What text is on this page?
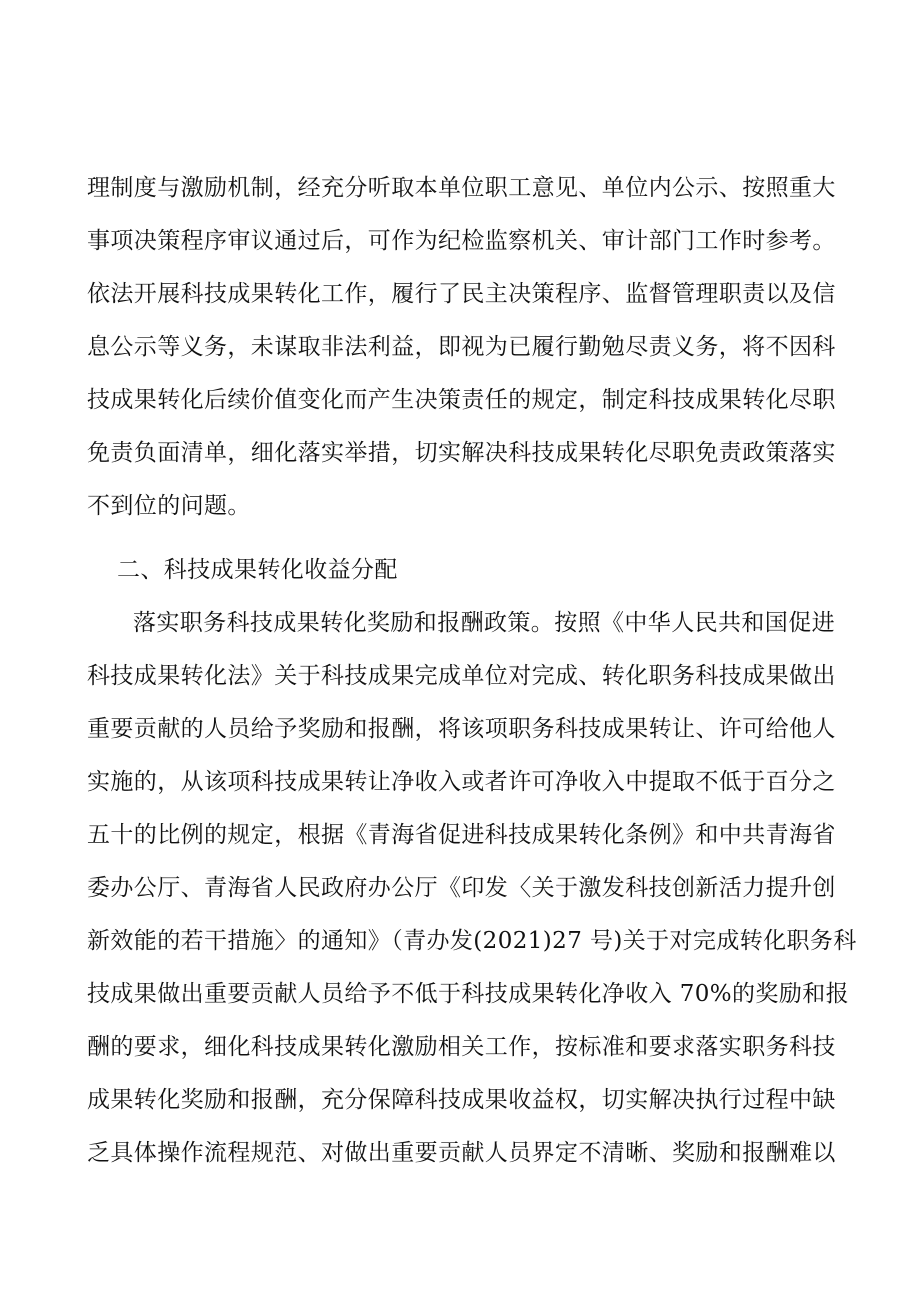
理制度与激励机制，经充分听取本单位职工意见、单位内公示、按照重大
事项决策程序审议通过后，可作为纪检监察机关、审计部门工作时参考。
依法开展科技成果转化工作，履行了民主决策程序、监督管理职责以及信
息公示等义务，未谋取非法利益，即视为已履行勤勉尽责义务，将不因科
技成果转化后续价值变化而产生决策责任的规定，制定科技成果转化尽职
免责负面清单，细化落实举措，切实解决科技成果转化尽职免责政策落实
不到位的问题。
二、科技成果转化收益分配
落实职务科技成果转化奖励和报酬政策。按照《中华人民共和国促进
科技成果转化法》关于科技成果完成单位对完成、转化职务科技成果做出
重要贡献的人员给予奖励和报酬，将该项职务科技成果转让、许可给他人
实施的，从该项科技成果转让净收入或者许可净收入中提取不低于百分之
五十的比例的规定，根据《青海省促进科技成果转化条例》和中共青海省
委办公厅、青海省人民政府办公厅《印发〈关于激发科技创新活力提升创
新效能的若干措施〉的通知》（青办发(2021)27 号)关于对完成转化职务科
技成果做出重要贡献人员给予不低于科技成果转化净收入 70%的奖励和报
酬的要求，细化科技成果转化激励相关工作，按标准和要求落实职务科技
成果转化奖励和报酬，充分保障科技成果收益权，切实解决执行过程中缺
乏具体操作流程规范、对做出重要贡献人员界定不清晰、奖励和报酬难以
